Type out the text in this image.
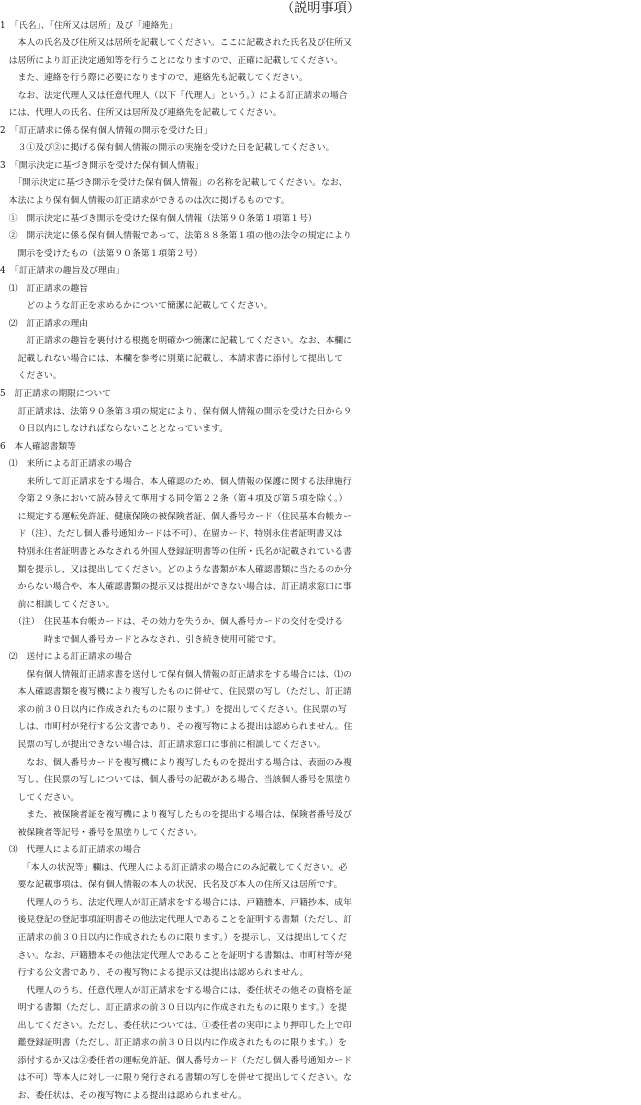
（説明事項）
1　「氏名」、「住所又は居所」及び「連絡先」
　　本人の氏名及び住所又は居所を記載してください。ここに記載された氏名及び住所又
　は居所により訂正決定通知等を行うことになりますので、正確に記載してください。
　　また、連絡を行う際に必要になりますので、連絡先も記載してください。
　　なお、法定代理人又は任意代理人（以下「代理人」という。）による訂正請求の場合
　には、代理人の氏名、住所又は居所及び連絡先を記載してください。
2　「訂正請求に係る保有個人情報の開示を受けた日」
　　３①及び②に掲げる保有個人情報の開示の実施を受けた日を記載してください。
3　「開示決定に基づき開示を受けた保有個人情報」
　　「開示決定に基づき開示を受けた保有個人情報」の名称を記載してください。なお、
　本法により保有個人情報の訂正請求ができるのは次に掲げるものです。
　①　開示決定に基づき開示を受けた保有個人情報（法第９０条第１項第１号）
　②　開示決定に係る保有個人情報であって、法第８８条第１項の他の法令の規定により
　　開示を受けたもの（法第９０条第１項第２号）
4　「訂正請求の趣旨及び理由」
　⑴　訂正請求の趣旨
　　　どのような訂正を求めるかについて簡潔に記載してください。
　⑵　訂正請求の理由
　　　訂正請求の趣旨を裏付ける根拠を明確かつ簡潔に記載してください。なお、本欄に
　　記載しれない場合には、本欄を参考に別葉に記載し、本請求書に添付して提出して
　　ください。
5　訂正請求の期限について
　　訂正請求は、法第９０条第３項の規定により、保有個人情報の開示を受けた日から９
　　０日以内にしなければならないこととなっています。
6　本人確認書類等
　⑴　来所による訂正請求の場合
　　　来所して訂正請求をする場合、本人確認のため、個人情報の保護に関する法律施行
　　令第２９条において読み替えて準用する同令第２２条（第４項及び第５項を除く。）
　　に規定する運転免許証、健康保険の被保険者証、個人番号カード（住民基本台帳カー
　　ド（注）、ただし個人番号通知カードは不可）、在留カード、特別永住者証明書又は
　　特別永住者証明書とみなされる外国人登録証明書等の住所・氏名が記載されている書
　　類を提示し、又は提出してください。どのような書類が本人確認書類に当たるのか分
　　からない場合や、本人確認書類の提示又は提出ができない場合は、訂正請求窓口に事
　　前に相談してください。
　　（注）　住民基本台帳カードは、その効力を失うか、個人番号カードの交付を受ける
　　　　　時まで個人番号カードとみなされ、引き続き使用可能です。
　⑵　送付による訂正請求の場合
　　　保有個人情報訂正請求書を送付して保有個人情報の訂正請求をする場合には、⑴の
　　本人確認書類を複写機により複写したものに併せて、住民票の写し（ただし、訂正請
　　求の前３０日以内に作成されたものに限ります。）を提出してください。住民票の写
　　しは、市町村が発行する公文書であり、その複写物による提出は認められません。住
　　民票の写しが提出できない場合は、訂正請求窓口に事前に相談してください。
　　　なお、個人番号カードを複写機により複写したものを提出する場合は、表面のみ複
　　写し、住民票の写しについては、個人番号の記載がある場合、当該個人番号を黒塗り
　　してください。
　　　また、被保険者証を複写機により複写したものを提出する場合は、保険者番号及び
　　被保険者等記号・番号を黒塗りしてください。
　⑶　代理人による訂正請求の場合
　　　「本人の状況等」欄は、代理人による訂正請求の場合にのみ記載してください。必
　　要な記載事項は、保有個人情報の本人の状況、氏名及び本人の住所又は居所です。
　　　代理人のうち、法定代理人が訂正請求をする場合には、戸籍謄本、戸籍抄本、成年
　　後見登記の登記事項証明書その他法定代理人であることを証明する書類（ただし、訂
　　正請求の前３０日以内に作成されたものに限ります。）を提示し、又は提出してくだ
　　さい。なお、戸籍謄本その他法定代理人であることを証明する書類は、市町村等が発
　　行する公文書であり、その複写物による提示又は提出は認められません。
　　　代理人のうち、任意代理人が訂正請求をする場合には、委任状その他その資格を証
　　明する書類（ただし、訂正請求の前３０日以内に作成されたものに限ります。）を提
　　出してください。ただし、委任状については、①委任者の実印により押印した上で印
　　鑑登録証明書（ただし、訂正請求の前３０日以内に作成されたものに限ります。）を
　　添付するか又は②委任者の運転免許証、個人番号カード（ただし個人番号通知カード
　　は不可）等本人に対し一に限り発行される書類の写しを併せて提出してください。な
　　お、委任状は、その複写物による提出は認められません。
